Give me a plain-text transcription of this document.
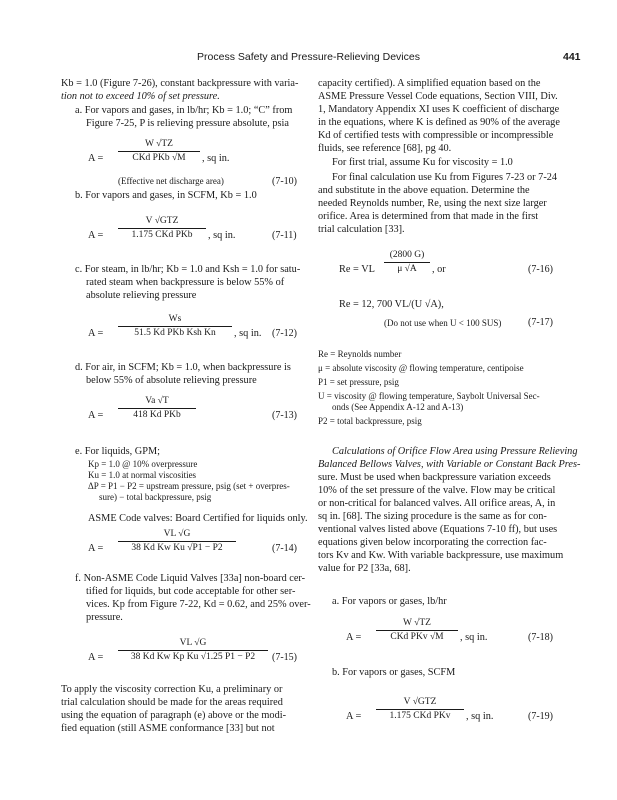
Process Safety and Pressure-Relieving Devices	441
Kb = 1.0 (Figure 7-26), constant backpressure with varia-
tion not to exceed 10% of set pressure.
a. For vapors and gases, in lb/hr; Kb = 1.0; “C” from
Figure 7-25, P is relieving pressure absolute, psia
A =
W √TZ
CKd PKb √M	, sq in.
(Effective net discharge area)	(7-10)
b. For vapors and gases, in SCFM, Kb = 1.0
A =
V √GTZ
1.175 CKd PKb	, sq in.	(7-11)
c. For steam, in lb/hr; Kb = 1.0 and Ksh = 1.0 for satu-
rated steam when backpressure is below 55% of
absolute relieving pressure
A =
Ws
51.5 Kd PKb Ksh Kn	, sq in. (7-12)
d. For air, in SCFM; Kb = 1.0, when backpressure is
below 55% of absolute relieving pressure
A =
Va √T
418 Kd PKb	(7-13)
e. For liquids, GPM;
Kp = 1.0 @ 10% overpressure
Ku = 1.0 at normal viscosities
ΔP = P1 − P2 = upstream pressure, psig (set + overpres-
sure) − total backpressure, psig
ASME Code valves: Board Certified for liquids only.
$A = \frac{VL √G}{\text{38 Kd Kw Ku √P1 − P2}}$	(7-14)
f. Non-ASME Code Liquid Valves [33a] non-board cer-
tified for liquids, but code acceptable for other ser-
vices. Kp from Figure 7-22, Kd = 0.62, and 25% over-
pressure.
$A = \frac{VL √G}{\text{38 Kd Kw Kp Ku √1.25 P1 − P2}} (7-15)$
To apply the viscosity correction Ku, a preliminary or
trial calculation should be made for the areas required
using the equation of paragraph (e) above or the modi-
fied equation (still ASME conformance [33] but not
capacity certified). A simplified equation based on the
ASME Pressure Vessel Code equations, Section VIII, Div.
1, Mandatory Appendix XI uses K coefficient of discharge
in the equations, where K is defined as 90% of the average
Kd of certified tests with compressible or incompressible
fluids, see reference [68], pg 40.
For first trial, assume Ku for viscosity = 1.0
For final calculation use Ku from Figures 7-23 or 7-24
and substitute in the above equation. Determine the
needed Reynolds number, Re, using the next size larger
orifice. Area is determined from that made in the first
trial calculation [33].
Re = VL $\frac{(2800 G)}{\mu √A}$ , or	(7-16)
Re = 12, 700 VL/(U √A),
(Do not use when U < 100 SUS)	(7-17)
Re = Reynolds number
μ = absolute viscosity @ flowing temperature, centipoise
P1 = set pressure, psig
U = viscosity @ flowing temperature, Saybolt Universal Sec-
onds (See Appendix A-12 and A-13)
P2 = total backpressure, psig
Calculations of Orifice Flow Area using Pressure Relieving
Balanced Bellows Valves, with Variable or Constant Back Pres-
sure. Must be used when backpressure variation exceeds
10% of the set pressure of the valve. Flow may be critical
or non-critical for balanced valves. All orifice areas, A, in
sq in. [68]. The sizing procedure is the same as for con-
ventional valves listed above (Equations 7-10 ff), but uses
equations given below incorporating the correction fac-
tors Kv and Kw. With variable backpressure, use maximum
value for P2 [33a, 68].
a. For vapors or gases, lb/hr
A =
W √TZ
CKd PKv √M	, sq in.	(7-18)
b. For vapors or gases, SCFM
A =
V √GTZ
1.175 CKd PKv	, sq in.	(7-19)
